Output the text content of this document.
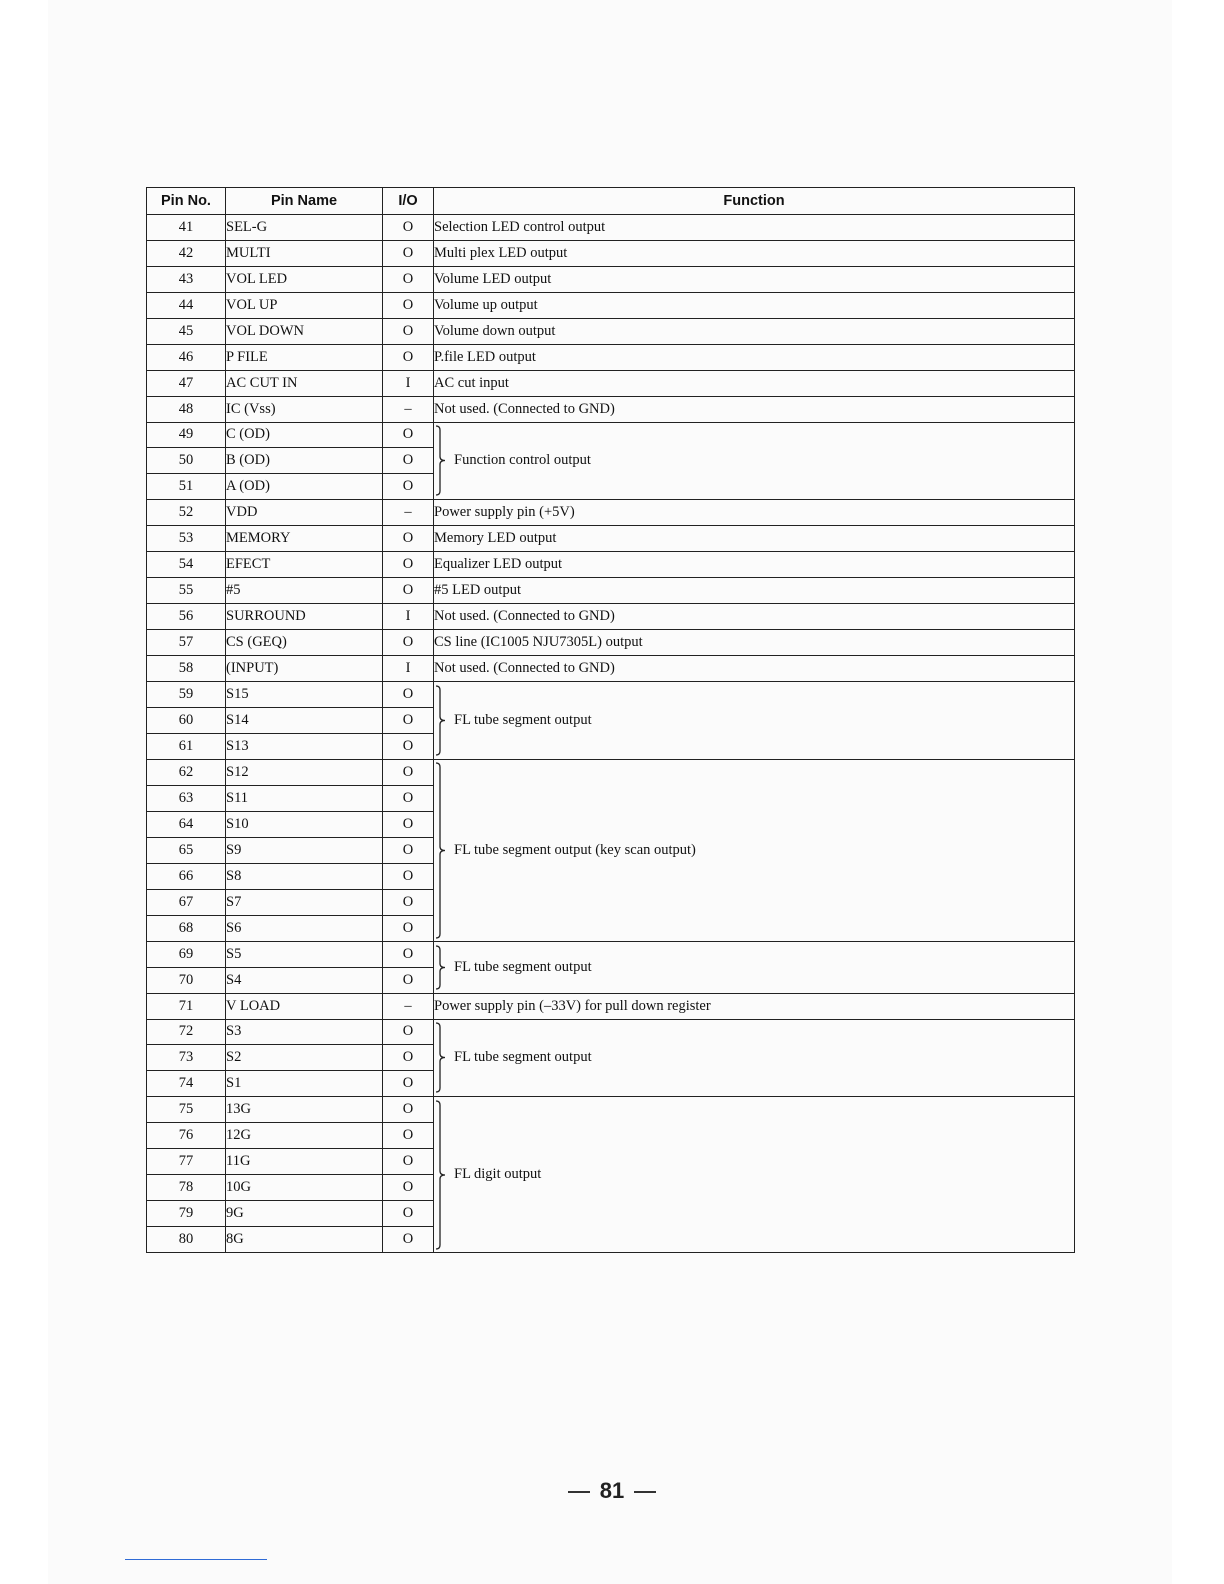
Pin No.	Pin Name	I/O	Function
41	SEL-G	O	Selection LED control output
42	MULTI	O	Multi plex LED output
43	VOL LED	O	Volume LED output
44	VOL UP	O	Volume up output
45	VOL DOWN	O	Volume down output
46	P FILE	O	P.file LED output
47	AC CUT IN	I	AC cut input
48	IC (Vss)	–	Not used. (Connected to GND)
49	C (OD)	O	Function control output

50	B (OD)	O	
51	A (OD)	O	
52	VDD	–	Power supply pin (+5V)
53	MEMORY	O	Memory LED output
54	EFECT	O	Equalizer LED output
55	#5	O	#5 LED output
56	SURROUND	I	Not used. (Connected to GND)
57	CS (GEQ)	O	CS line (IC1005 NJU7305L) output
58	(INPUT)	I	Not used. (Connected to GND)
59	S15	O	FL tube segment output

60	S14	O	
61	S13	O	
62	S12	O	FL tube segment output (key scan output)

63	S11	O	
64	S10	O	
65	S9	O	
66	S8	O	
67	S7	O	
68	S6	O	
69	S5	O	FL tube segment output

70	S4	O	
71	V LOAD	–	Power supply pin (–33V) for pull down register
72	S3	O	FL tube segment output

73	S2	O	
74	S1	O	
75	13G	O	FL digit output

76	12G	O	
77	11G	O	
78	10G	O	
79	9G	O	
80	8G	O	
81
